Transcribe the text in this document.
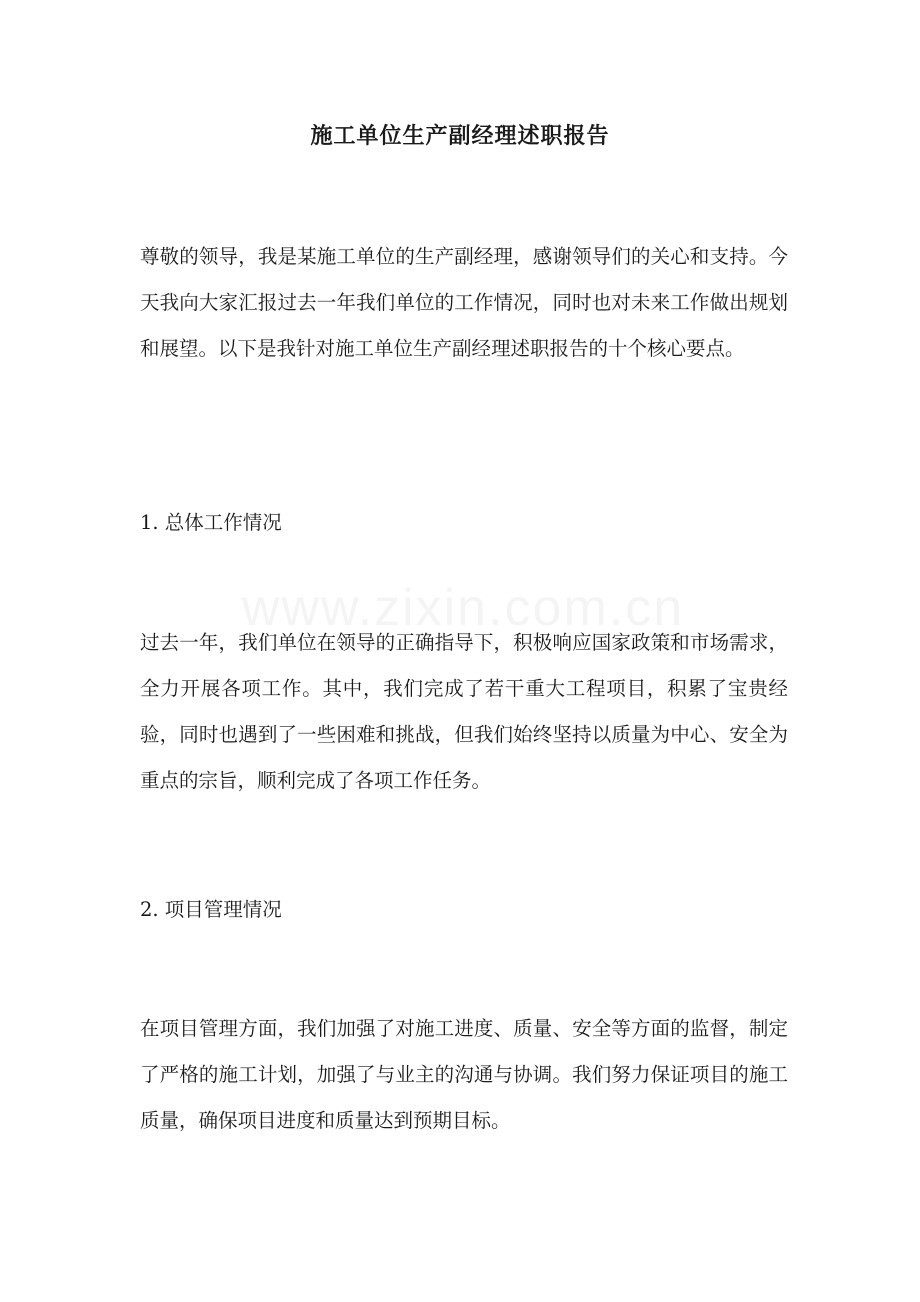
施工单位生产副经理述职报告

尊敬的领导，我是某施工单位的生产副经理，感谢领导们的关心和支持。今天我向大家汇报过去一年我们单位的工作情况，同时也对未来工作做出规划和展望。以下是我针对施工单位生产副经理述职报告的十个核心要点。

1. 总体工作情况

过去一年，我们单位在领导的正确指导下，积极响应国家政策和市场需求，全力开展各项工作。其中，我们完成了若干重大工程项目，积累了宝贵经验，同时也遇到了一些困难和挑战，但我们始终坚持以质量为中心、安全为重点的宗旨，顺利完成了各项工作任务。

2. 项目管理情况

在项目管理方面，我们加强了对施工进度、质量、安全等方面的监督，制定了严格的施工计划，加强了与业主的沟通与协调。我们努力保证项目的施工质量，确保项目进度和质量达到预期目标。
